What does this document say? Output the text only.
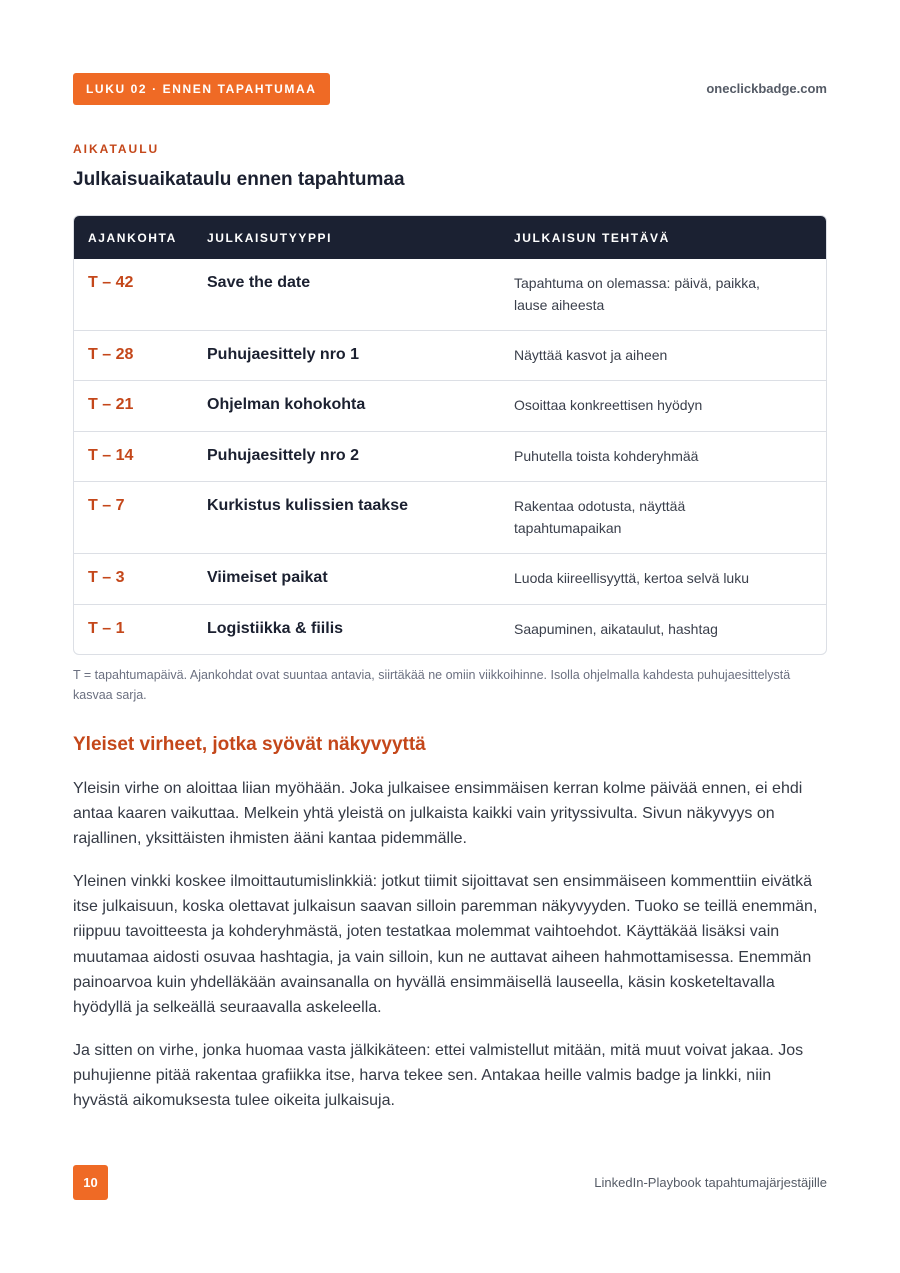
LUKU 02 · ENNEN TAPAHTUMAA	oneclickbadge.com
AIKATAULU
Julkaisuaikataulu ennen tapahtumaa
AJANKOHTA	JULKAISUTYYPPI	JULKAISUN TEHTÄVÄ
T – 42	Save the date	Tapahtuma on olemassa: päivä, paikka, lause aiheesta
T – 28	Puhujaesittely nro 1	Näyttää kasvot ja aiheen
T – 21	Ohjelman kohokohta	Osoittaa konkreettisen hyödyn
T – 14	Puhujaesittely nro 2	Puhutella toista kohderyhmää
T – 7	Kurkistus kulissien taakse	Rakentaa odotusta, näyttää tapahtumapaikan
T – 3	Viimeiset paikat	Luoda kiireellisyyttä, kertoa selvä luku
T – 1	Logistiikka & fiilis	Saapuminen, aikataulut, hashtag
T = tapahtumapäivä. Ajankohdat ovat suuntaa antavia, siirtäkää ne omiin viikkoihinne. Isolla ohjelmalla kahdesta puhujaesittelystä kasvaa sarja.
Yleiset virheet, jotka syövät näkyvyyttä

Yleisin virhe on aloittaa liian myöhään. Joka julkaisee ensimmäisen kerran kolme päivää ennen, ei ehdi antaa kaaren vaikuttaa. Melkein yhtä yleistä on julkaista kaikki vain yrityssivulta. Sivun näkyvyys on rajallinen, yksittäisten ihmisten ääni kantaa pidemmälle.

Yleinen vinkki koskee ilmoittautumislinkkiä: jotkut tiimit sijoittavat sen ensimmäiseen kommenttiin eivätkä itse julkaisuun, koska olettavat julkaisun saavan silloin paremman näkyvyyden. Tuoko se teillä enemmän, riippuu tavoitteesta ja kohderyhmästä, joten testatkaa molemmat vaihtoehdot. Käyttäkää lisäksi vain muutamaa aidosti osuvaa hashtagia, ja vain silloin, kun ne auttavat aiheen hahmottamisessa. Enemmän painoarvoa kuin yhdelläkään avainsanalla on hyvällä ensimmäisellä lauseella, käsin kosketeltavalla hyödyllä ja selkeällä seuraavalla askeleella.

Ja sitten on virhe, jonka huomaa vasta jälkikäteen: ettei valmistellut mitään, mitä muut voivat jakaa. Jos puhujienne pitää rakentaa grafiikka itse, harva tekee sen. Antakaa heille valmis badge ja linkki, niin hyvästä aikomuksesta tulee oikeita julkaisuja.

10	LinkedIn-Playbook tapahtumajärjestäjille
